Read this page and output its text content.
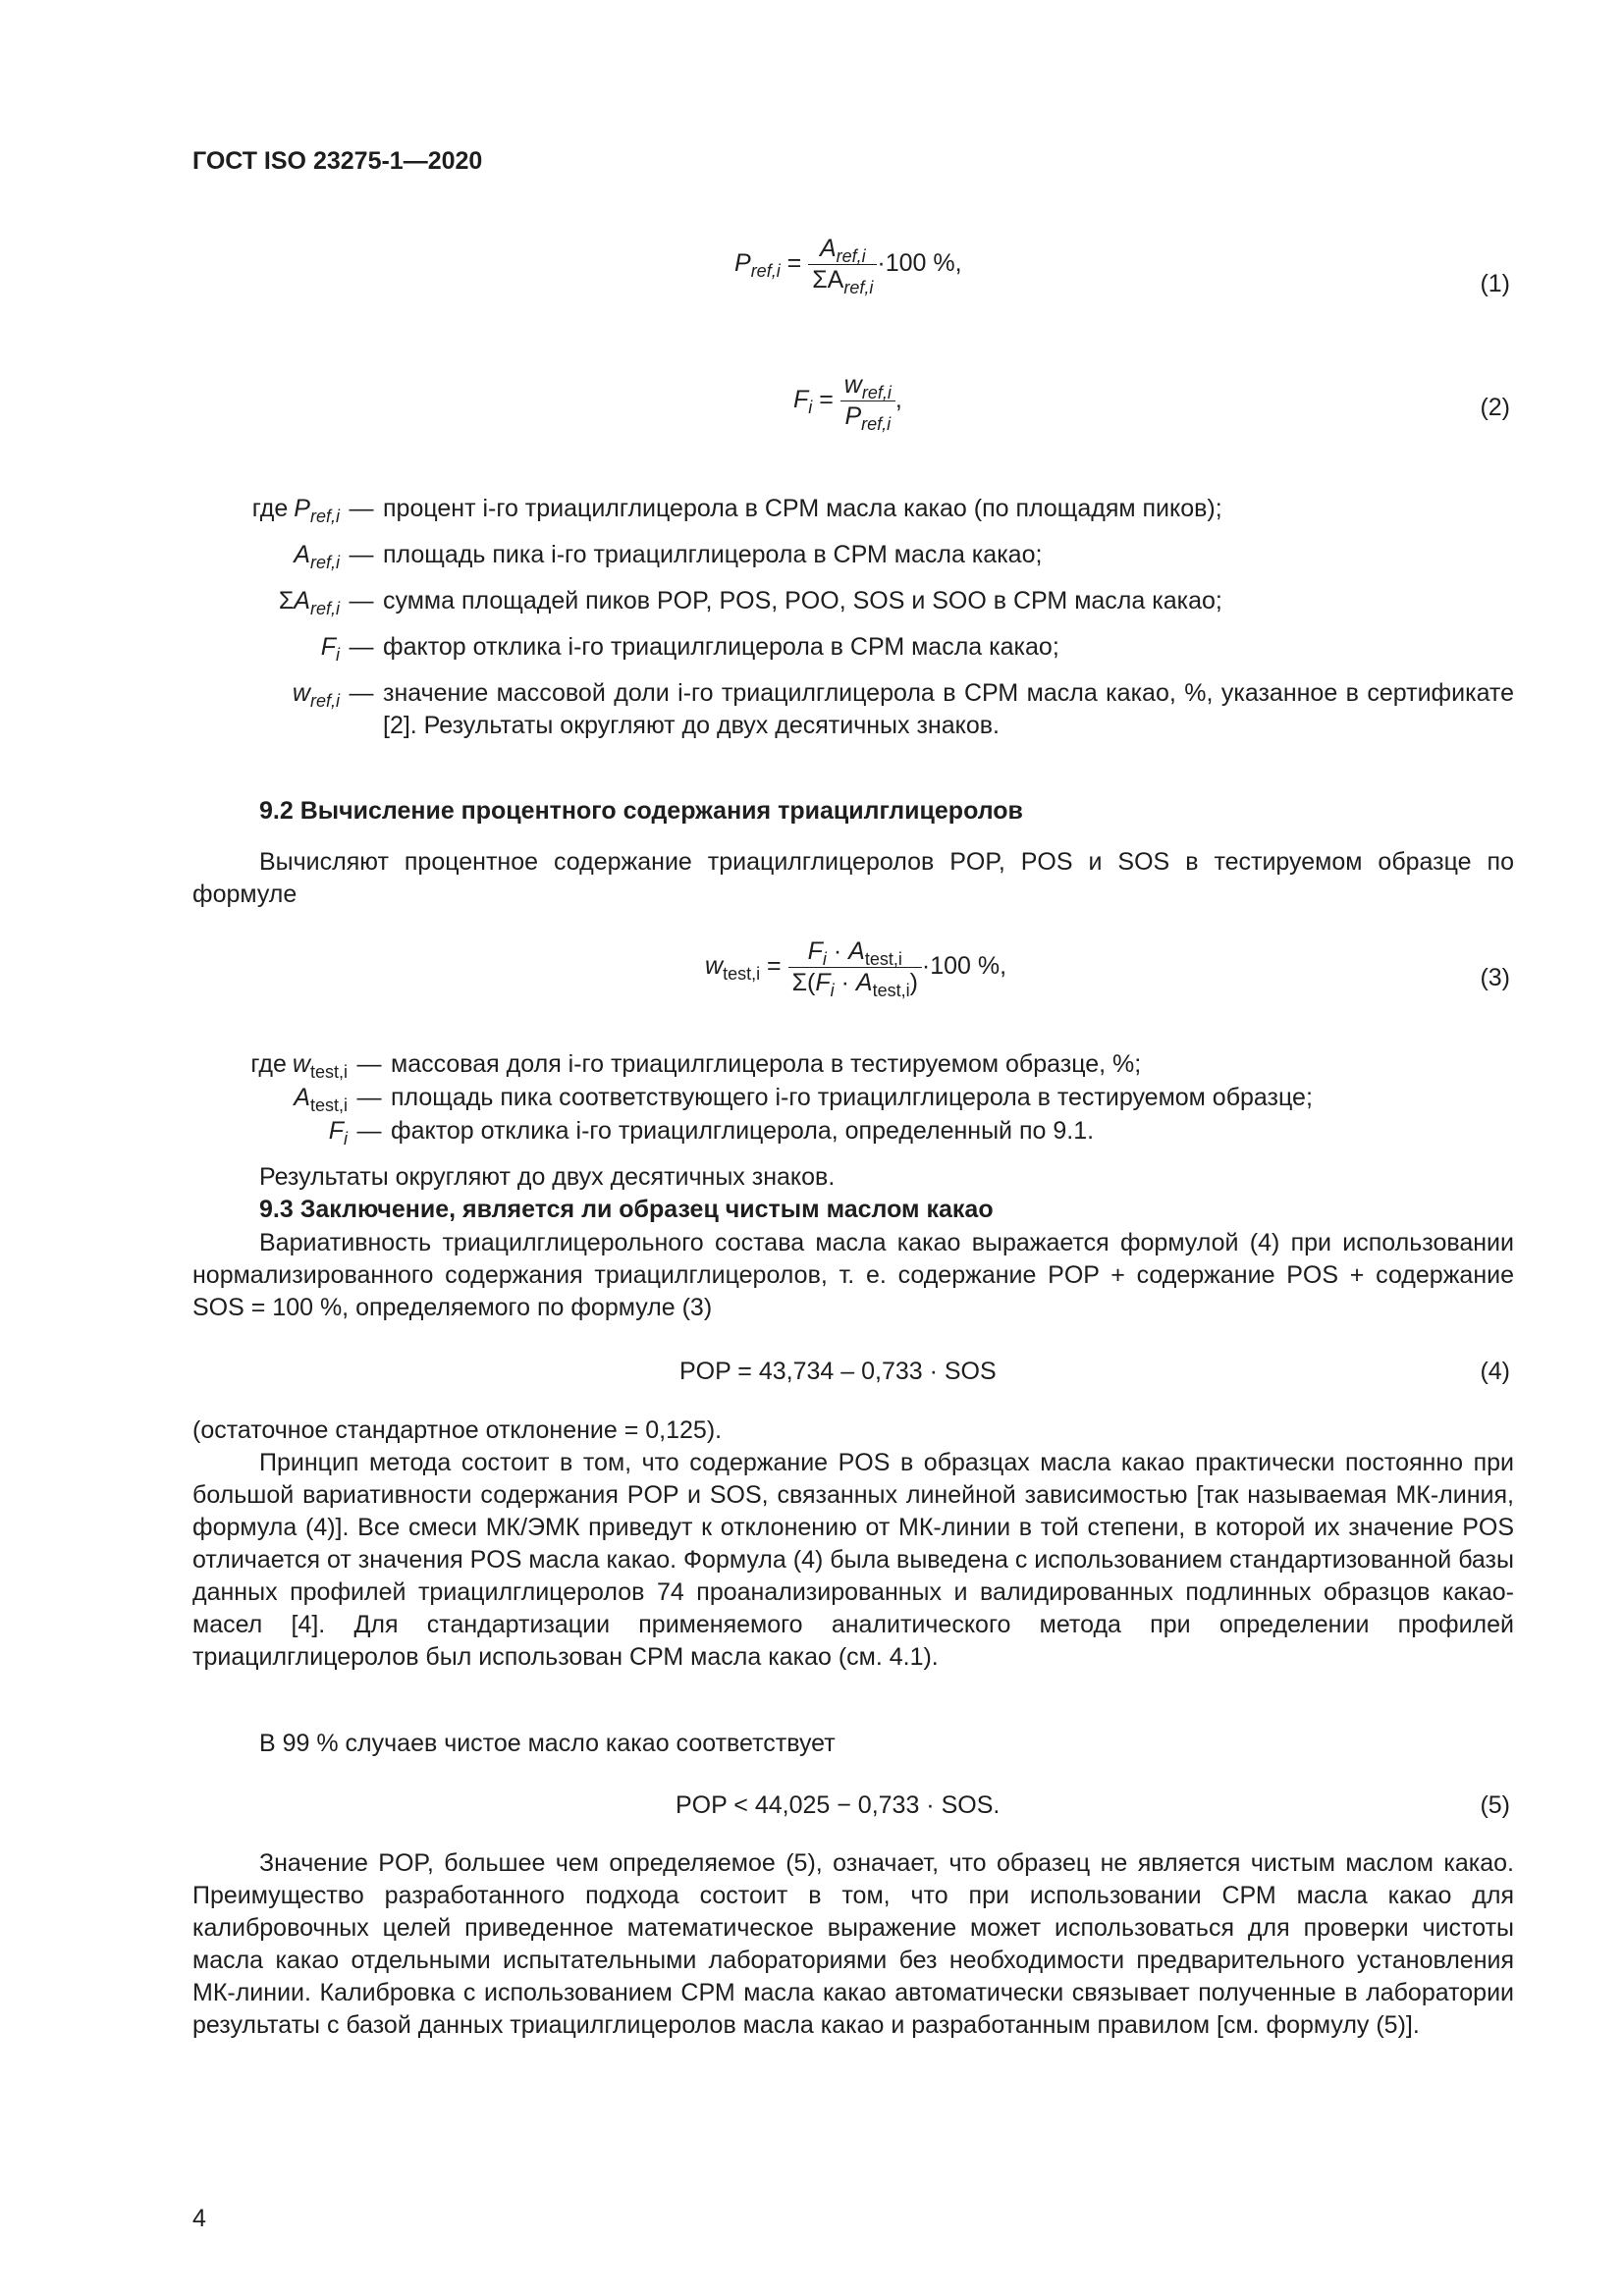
ГОСТ ISO 23275-1—2020
$P_{ref,i} = \frac{A_{ref,i}}{\Sigma A_{ref,i}} \cdot 100$ %,
(1)
$F_i = \frac{w_{ref,i}}{P_{ref,i}}$ ,	(2)
где $P_{ref,i}$ — процент i-го триацилглицерола в СРМ масла какао (по площадям пиков);
$A_{ref,i}$ — площадь пика i-го триацилглицерола в СРМ масла какао;
$\Sigma A_{ref,i}$ — сумма площадей пиков POP, POS, POO, SOS и SOO в СРМ масла какао;
$F_i$ — фактор отклика i-го триацилглицерола в СРМ масла какао;
$w_{ref,i}$ — значение массовой доли i-го триацилглицерола в СРМ масла какао, %, указанное в сертификате [2]. Результаты округляют до двух десятичных знаков.
9.2 Вычисление процентного содержания триацилглицеролов
Вычисляют процентное содержание триацилглицеролов POP, POS и SOS в тестируемом образце по формуле
$w_{test,i} = \frac{F_i \cdot A_{test,i}}{\Sigma(F_i \cdot A_{test,i})} \cdot 100$ %,	(3)
где $w_{test,i}$ — массовая доля i-го триацилглицерола в тестируемом образце, %;
$A_{test,i}$ — площадь пика соответствующего i-го триацилглицерола в тестируемом образце;
$F_i$ — фактор отклика i-го триацилглицерола, определенный по 9.1.
Результаты округляют до двух десятичных знаков.
9.3 Заключение, является ли образец чистым маслом какао
Вариативность триацилглицерольного состава масла какао выражается формулой (4) при использовании нормализированного содержания триацилглицеролов, т. е. содержание POP + содержание POS + содержание SOS = 100 %, определяемого по формуле (3)
POP = 43,734 – 0,733 · SOS	(4)
(остаточное стандартное отклонение = 0,125).
Принцип метода состоит в том, что содержание POS в образцах масла какао практически постоянно при большой вариативности содержания POP и SOS, связанных линейной зависимостью [так называемая МК-линия, формула (4)]. Все смеси МК/ЭМК приведут к отклонению от МК-линии в той степени, в которой их значение POS отличается от значения POS масла какао. Формула (4) была выведена с использованием стандартизованной базы данных профилей триацилглицеролов 74 проанализированных и валидированных подлинных образцов какао-масел [4]. Для стандартизации применяемого аналитического метода при определении профилей триацилглицеролов был использован СРМ масла какао (см. 4.1).
В 99 % случаев чистое масло какао соответствует
POP < 44,025 − 0,733 · SOS.	(5)
Значение POP, большее чем определяемое (5), означает, что образец не является чистым маслом какао. Преимущество разработанного подхода состоит в том, что при использовании СРМ масла какао для калибровочных целей приведенное математическое выражение может использоваться для проверки чистоты масла какао отдельными испытательными лабораториями без необходимости предварительного установления МК-линии. Калибровка с использованием СРМ масла какао автоматически связывает полученные в лаборатории результаты с базой данных триацилглицеролов масла какао и разработанным правилом [см. формулу (5)].
4
